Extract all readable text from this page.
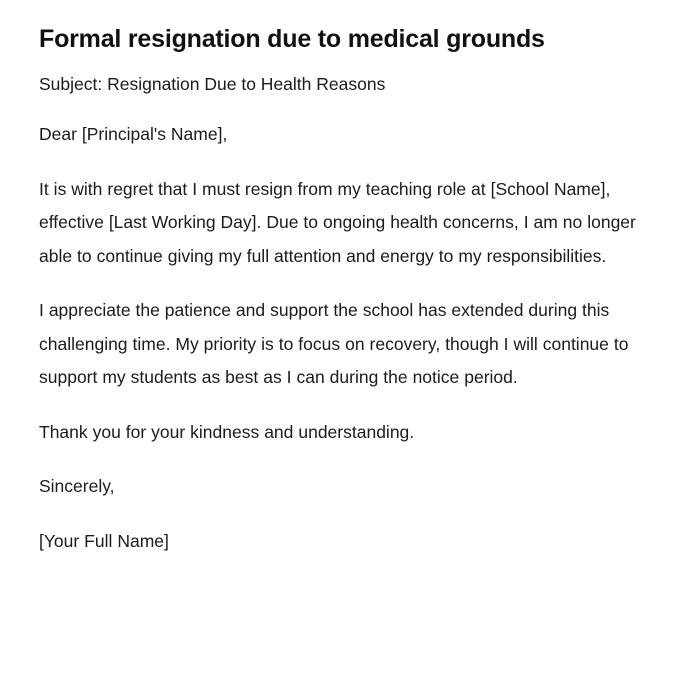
Formal resignation due to medical grounds

Subject: Resignation Due to Health Reasons

Dear [Principal's Name],

It is with regret that I must resign from my teaching role at [School Name], effective [Last Working Day]. Due to ongoing health concerns, I am no longer able to continue giving my full attention and energy to my responsibilities.

I appreciate the patience and support the school has extended during this challenging time. My priority is to focus on recovery, though I will continue to support my students as best as I can during the notice period.

Thank you for your kindness and understanding.

Sincerely,

[Your Full Name]
